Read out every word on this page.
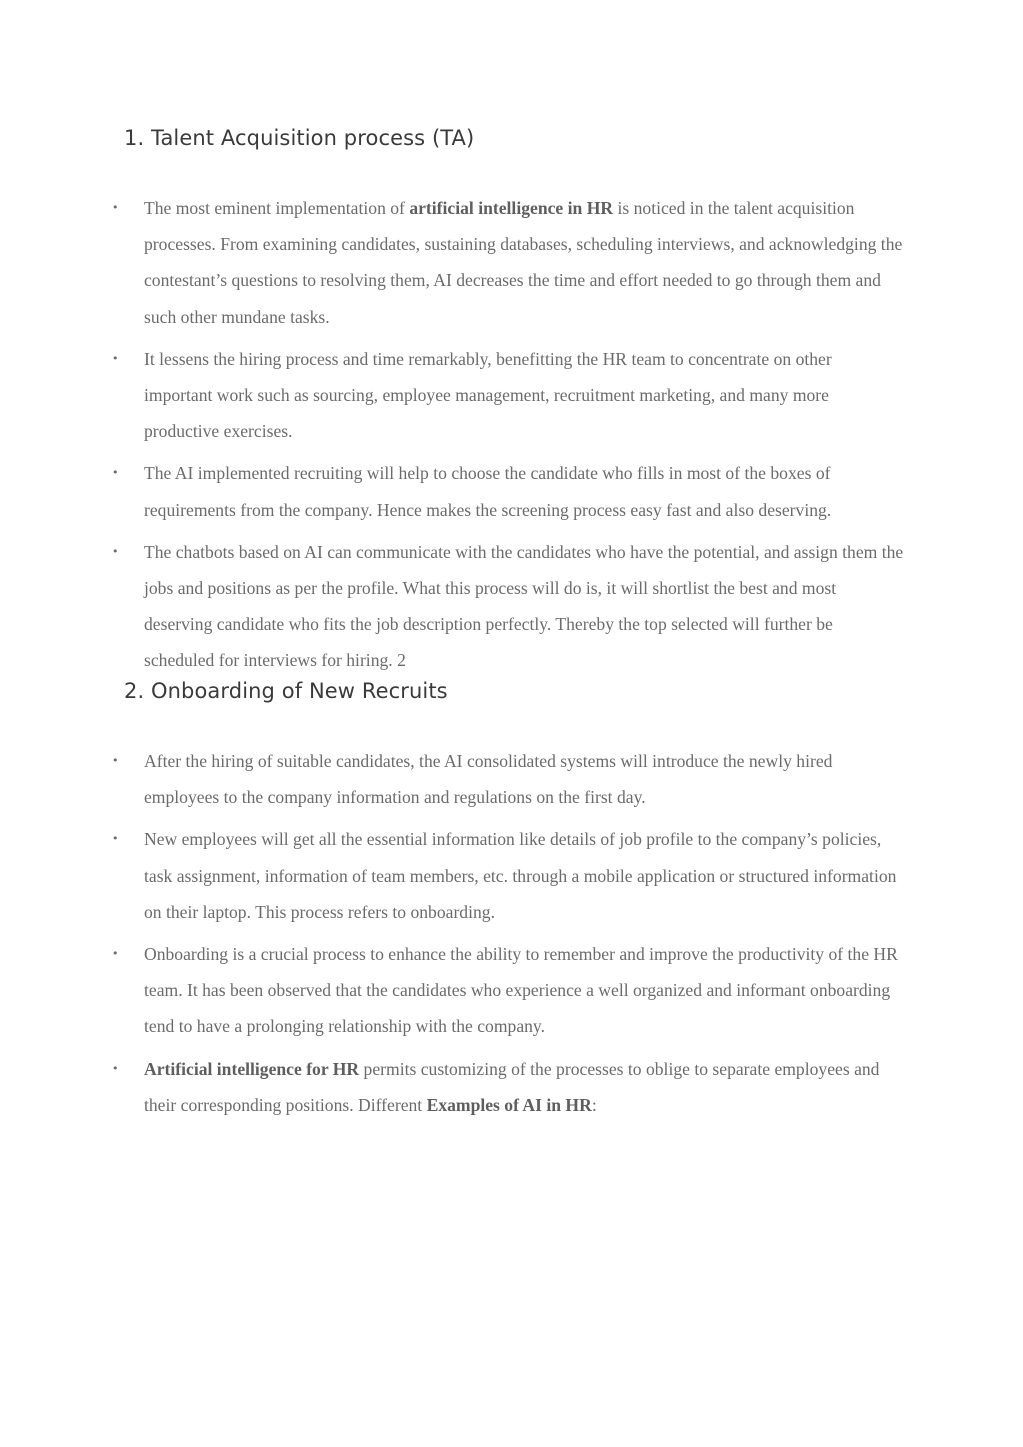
1. Talent Acquisition process (TA)
• The most eminent implementation of artificial intelligence in HR is noticed in the talent acquisition processes. From examining candidates, sustaining databases, scheduling interviews, and acknowledging the contestant’s questions to resolving them, AI decreases the time and effort needed to go through them and such other mundane tasks.
• It lessens the hiring process and time remarkably, benefitting the HR team to concentrate on other important work such as sourcing, employee management, recruitment marketing, and many more productive exercises.
• The AI implemented recruiting will help to choose the candidate who fills in most of the boxes of requirements from the company. Hence makes the screening process easy fast and also deserving.
• The chatbots based on AI can communicate with the candidates who have the potential, and assign them the jobs and positions as per the profile. What this process will do is, it will shortlist the best and most deserving candidate who fits the job description perfectly. Thereby the top selected will further be scheduled for interviews for hiring. 2
2. Onboarding of New Recruits
• After the hiring of suitable candidates, the AI consolidated systems will introduce the newly hired employees to the company information and regulations on the first day.
• New employees will get all the essential information like details of job profile to the company’s policies, task assignment, information of team members, etc. through a mobile application or structured information on their laptop. This process refers to onboarding.
• Onboarding is a crucial process to enhance the ability to remember and improve the productivity of the HR team. It has been observed that the candidates who experience a well organized and informant onboarding tend to have a prolonging relationship with the company.
• Artificial intelligence for HR permits customizing of the processes to oblige to separate employees and their corresponding positions. Different Examples of AI in HR:
